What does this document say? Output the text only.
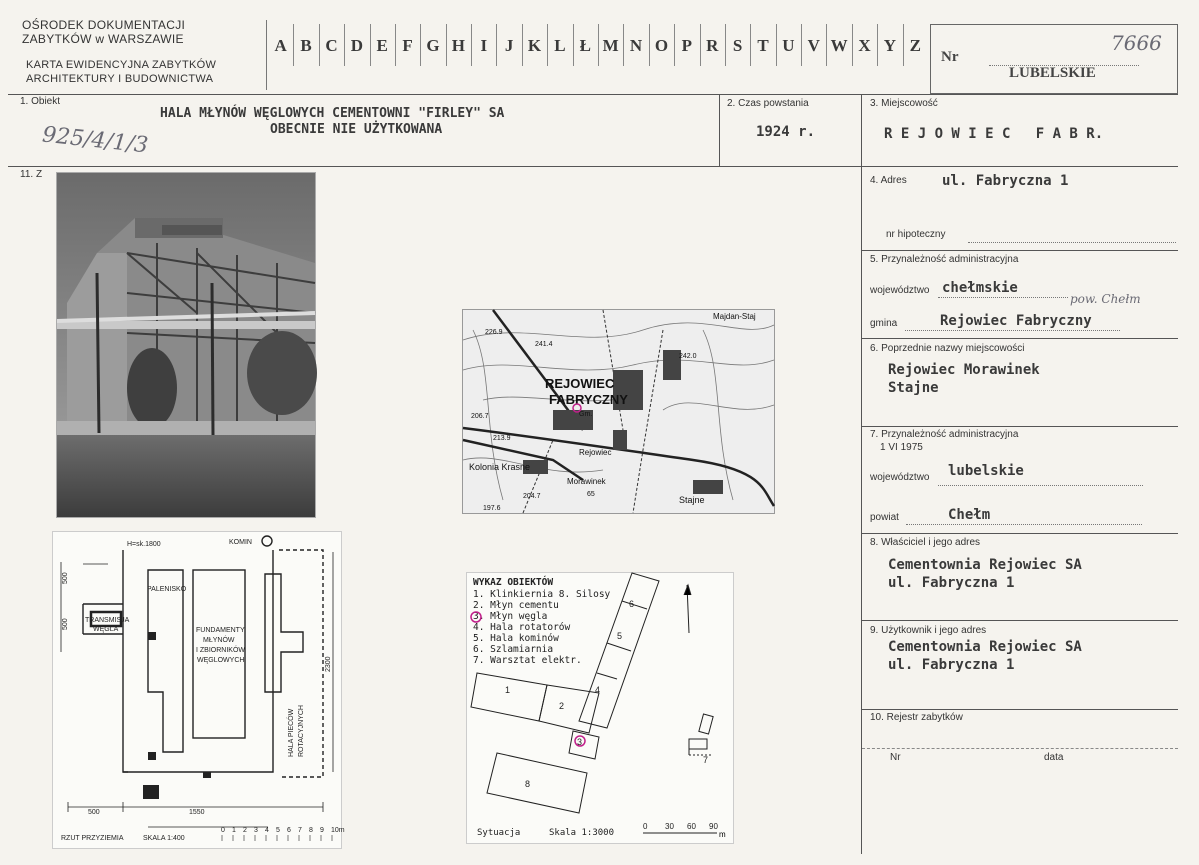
OŚRODEK DOKUMENTACJI
ZABYTKÓW w WARSZAWIE
KARTA EWIDENCYJNA ZABYTKÓW
ARCHITEKTURY I BUDOWNICTWA
A B C D E F G H I	J K L Ł M N O P R S T U V W X Y Z
Nr
7666
LUBELSKIE
1. Obiekt
HALA MŁYNÓW WĘGLOWYCH CEMENTOWNI "FIRLEY" SA
OBECNIE NIE UŻYTKOWANA
925/4/1/3
2. Czas powstania
1924 r.
3. Miejscowość
R E J O W I E C   F A B R.
11. Z
REJOWIEC
FABRYCZNY
Majdan-Staj
Kolonia Krasne
Morawinek
Stajne
Rejowiec
Gm.
226.9
241.4
242.0
206.7
204.7
197.6
65
213.9
H=sk.1800	KOMIN
PALENISKO
FUNDAMENTY
MŁYNÓW
I ZBIORNIKÓW
WĘGLOWYCH
TRANSMISJA
WĘGLA
HALA PIECÓW ROTACYJNYCH
2300
500
500
500	1550
RZUT PRZYZIEMIA	SKALA 1:400
0 1 2 3 4 5 6 7 8 9 10m
WYKAZ OBIEKTÓW
1. Klinkiernia 8. Silosy
2. Młyn cementu
3. Młyn węgla
4. Hala rotatorów
5. Hala kominów
6. Szlamiarnia
7. Warsztat elektr.
6
5
4
1
2
3
7
8
Sytuacja	Skala 1:3000
0 30 60 90
m
4. Adres	ul. Fabryczna 1
nr hipoteczny
5. Przynależność administracyjna
województwo chełmskie
pow. Chełm
gmina	Rejowiec Fabryczny
6. Poprzednie nazwy miejscowości
Rejowiec Morawinek
Stajne
7. Przynależność administracyjna
1 VI 1975
województwo lubelskie
powiat	Chełm
8. Właściciel i jego adres
Cementownia Rejowiec SA
ul. Fabryczna 1
9. Użytkownik i jego adres
Cementownia Rejowiec SA
ul. Fabryczna 1
10. Rejestr zabytków
Nr	data
